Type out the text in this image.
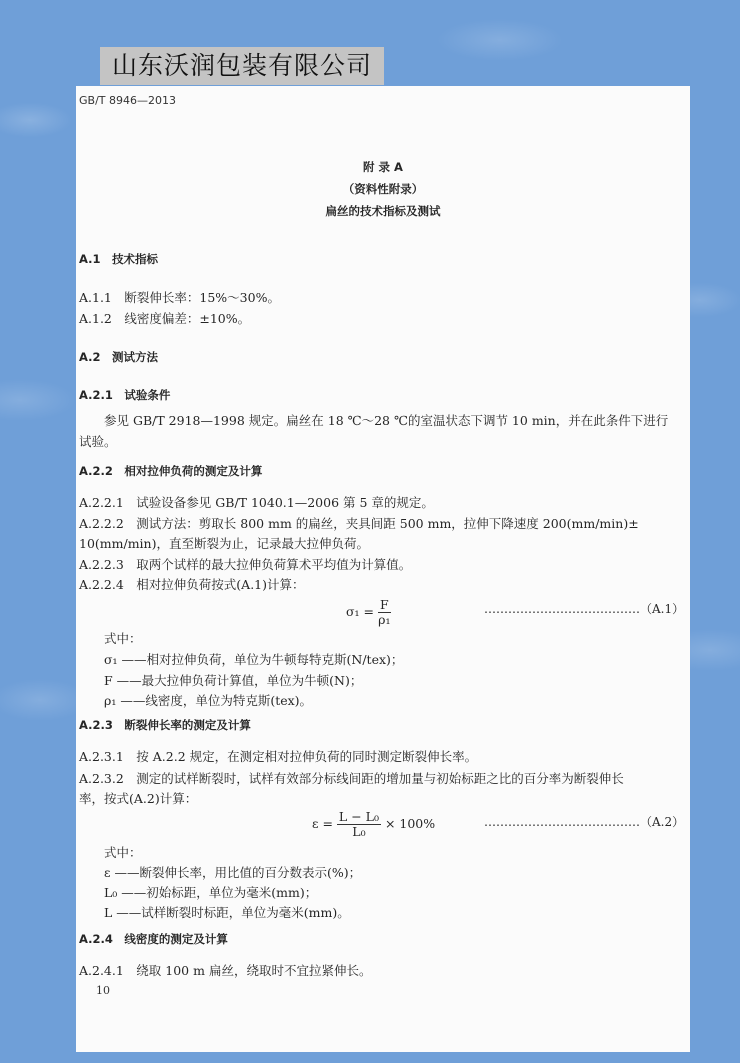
山东沃润包装有限公司
GB/T 8946—2013
附 录 A
（资料性附录）
扁丝的技术指标及测试
A.1　技术指标
A.1.1　断裂伸长率：15%～30%。
A.1.2　线密度偏差：±10%。
A.2　测试方法
A.2.1　试验条件
参见 GB/T 2918—1998 规定。扁丝在 18 ℃～28 ℃的室温状态下调节 10 min，并在此条件下进行
试验。
A.2.2　相对拉伸负荷的测定及计算
A.2.2.1　试验设备参见 GB/T 1040.1—2006 第 5 章的规定。
A.2.2.2　测试方法：剪取长 800 mm 的扁丝，夹具间距 500 mm，拉伸下降速度 200(mm/min)±
10(mm/min)，直至断裂为止，记录最大拉伸负荷。
A.2.2.3　取两个试样的最大拉伸负荷算术平均值为计算值。
A.2.2.4　相对拉伸负荷按式(A.1)计算：
$\sigma_1 = \frac{F}{\text{ρ₁}}$	…………………………………（A.1）
式中：
σ₁ ——相对拉伸负荷，单位为牛顿每特克斯(N/tex)；
F ——最大拉伸负荷计算值，单位为牛顿(N)；
ρ₁ ——线密度，单位为特克斯(tex)。
A.2.3　断裂伸长率的测定及计算
A.2.3.1　按 A.2.2 规定，在测定相对拉伸负荷的同时测定断裂伸长率。
A.2.3.2　测定的试样断裂时，试样有效部分标线间距的增加量与初始标距之比的百分率为断裂伸长
率，按式(A.2)计算：
$\varepsilon = \frac{\text{L − L₀}}{\text{L₀}} \times 100\%$	…………………………………（A.2）
式中：
ε ——断裂伸长率，用比值的百分数表示(%)；
L₀ ——初始标距，单位为毫米(mm)；
L ——试样断裂时标距，单位为毫米(mm)。
A.2.4　线密度的测定及计算
A.2.4.1　绕取 100 m 扁丝，绕取时不宜拉紧伸长。
10
